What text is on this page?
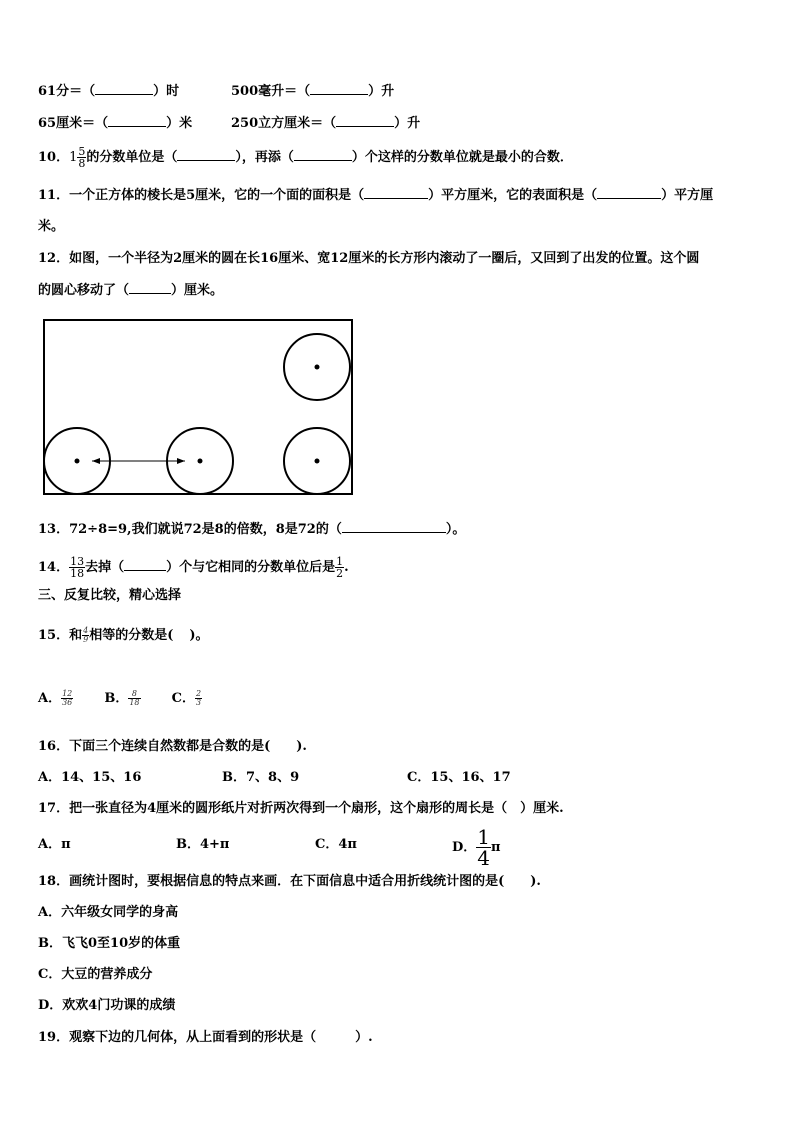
61分＝（	）时	500毫升＝（	）升
65厘米＝（	）米	250立方厘米＝（	）升
10．$1 \frac{5}{8}$ 的分数单位是（	），再添（	）个这样的分数单位就是最小的合数．
11．一个正方体的棱长是5厘米，它的一个面的面积是（	）平方厘米，它的表面积是（	）平方厘
米。
12．如图，一个半径为2厘米的圆在长16厘米、宽12厘米的长方形内滚动了一圈后，又回到了出发的位置。这个圆
的圆心移动了（	）厘米。
13．72÷8=9,我们就说72是8的倍数，8是72的（	）。
14． $\frac{13}{18}$ 去掉（	）个与它相同的分数单位后是 $\frac{1}{2}$ .
三、反复比较，精心选择
15．和 $\frac{4}{9}$ 相等的分数是( )。
A． $\frac{12}{36}$ B． $\frac{8}{18}$ C． $\frac{2}{3}$
16．下面三个连续自然数都是合数的是(　　).
A．14、15、16	B．7、8、9	C．15、16、17
17．把一张直径为4厘米的圆形纸片对折两次得到一个扇形，这个扇形的周长是（　）厘米.
A．π	B．4+π	C．4π	D． $\frac{1}{4}$ π
18．画统计图时，要根据信息的特点来画．在下面信息中适合用折线统计图的是(　　).
A．六年级女同学的身高
B．飞飞0至10岁的体重
C．大豆的营养成分
D．欢欢4门功课的成绩
19．观察下边的几何体，从上面看到的形状是（　　　）.
